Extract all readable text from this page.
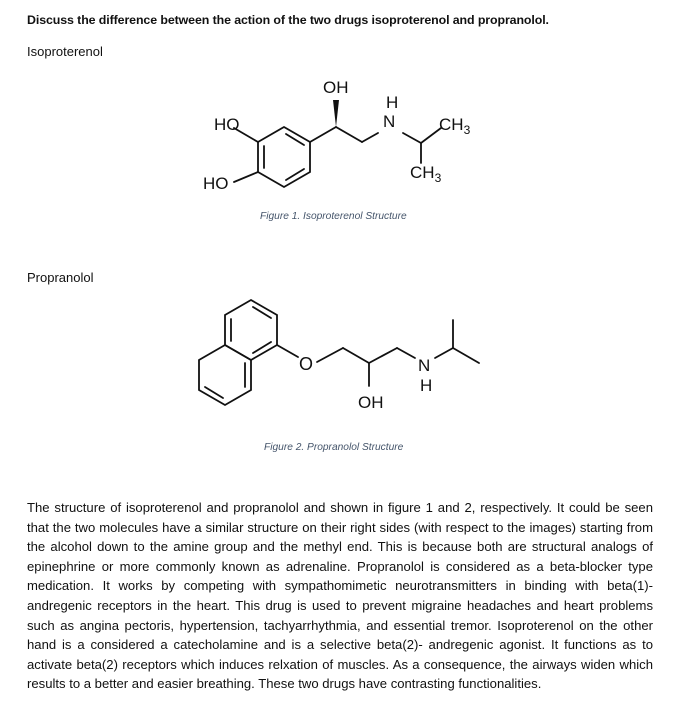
Discuss the difference between the action of the two drugs isoproterenol and propranolol.
Isoproterenol
HO
HO
OH
H
N	$CH_3$
$CH_3$
Figure 1. Isoproterenol Structure
Propranolol
O	N
H
OH
Figure 2. Propranolol Structure
The structure of isoproterenol and propranolol and shown in figure 1 and 2, respectively. It could be seen that the two molecules have a similar structure on their right sides (with respect to the images) starting from the alcohol down to the amine group and the methyl end. This is because both are structural analogs of epinephrine or more commonly known as adrenaline. Propranolol is considered as a beta-blocker type medication. It works by competing with sympathomimetic neurotransmitters in binding with beta(1)-andregenic receptors in the heart. This drug is used to prevent migraine headaches and heart problems such as angina pectoris, hypertension, tachyarrhythmia, and essential tremor. Isoproterenol on the other hand is a considered a catecholamine and is a selective beta(2)- andregenic agonist. It functions as to activate beta(2) receptors which induces relxation of muscles. As a consequence, the airways widen which results to a better and easier breathing. These two drugs have contrasting functionalities.
